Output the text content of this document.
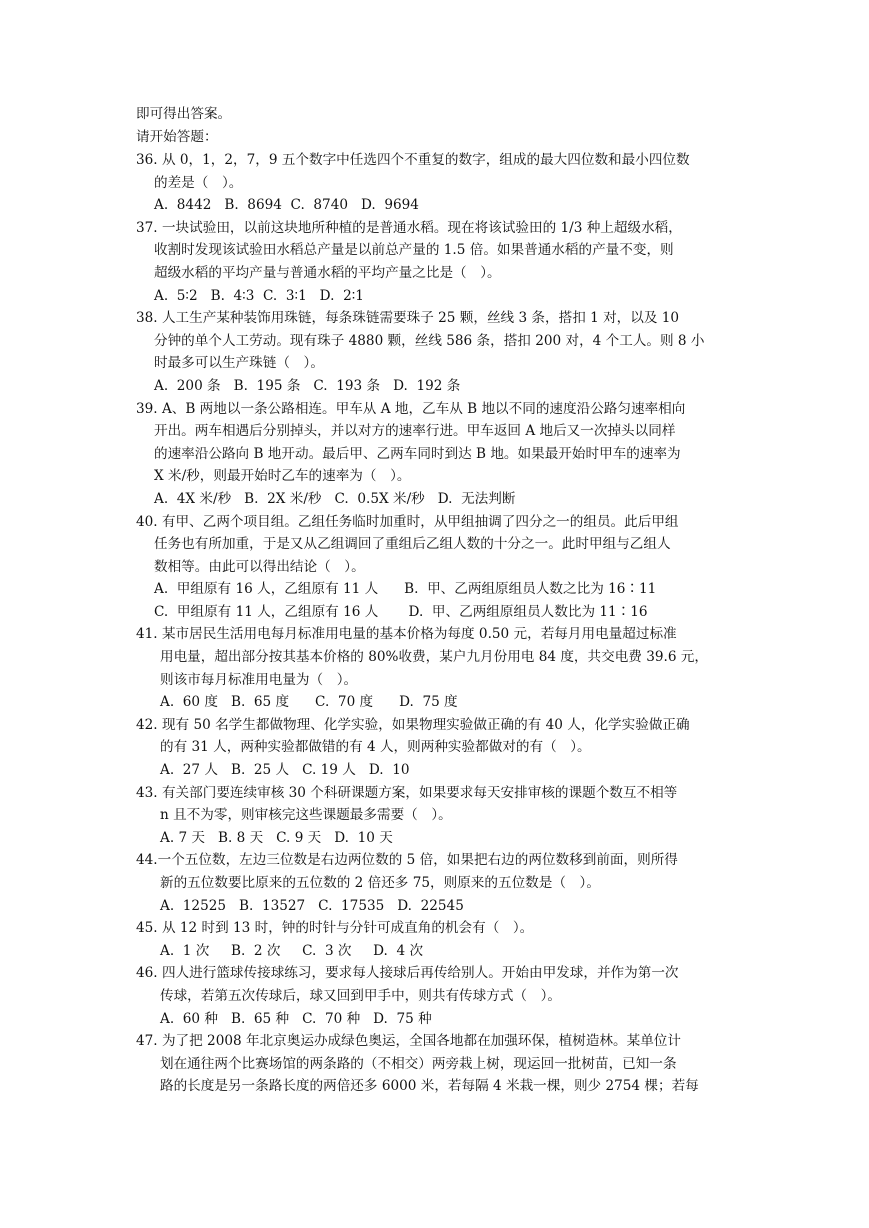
即可得出答案。
请开始答题：
36. 从 0，1，2，7，9 五个数字中任选四个不重复的数字，组成的最大四位数和最小四位数
的差是（　）。
A.  8442   B.  8694  C.  8740   D.  9694
37. 一块试验田，以前这块地所种植的是普通水稻。现在将该试验田的 1/3 种上超级水稻，
收割时发现该试验田水稻总产量是以前总产量的 1.5 倍。如果普通水稻的产量不变，则
超级水稻的平均产量与普通水稻的平均产量之比是（　）。
A.  5∶2   B.  4∶3  C.  3∶1   D.  2∶1
38. 人工生产某种装饰用珠链，每条珠链需要珠子 25 颗，丝线 3 条，搭扣 1 对，以及 10
分钟的单个人工劳动。现有珠子 4880 颗，丝线 586 条，搭扣 200 对，4 个工人。则 8 小
时最多可以生产珠链（　）。
A.  200 条   B.  195 条   C.  193 条   D.  192 条
39. A、B 两地以一条公路相连。甲车从 A 地，乙车从 B 地以不同的速度沿公路匀速率相向
开出。两车相遇后分别掉头，并以对方的速率行进。甲车返回 A 地后又一次掉头以同样
的速率沿公路向 B 地开动。最后甲、乙两车同时到达 B 地。如果最开始时甲车的速率为
X 米/秒，则最开始时乙车的速率为（　）。
A.  4X 米/秒   B.  2X 米/秒   C.  0.5X 米/秒   D.  无法判断
40. 有甲、乙两个项目组。乙组任务临时加重时，从甲组抽调了四分之一的组员。此后甲组
任务也有所加重，于是又从乙组调回了重组后乙组人数的十分之一。此时甲组与乙组人
数相等。由此可以得出结论（　）。
A.  甲组原有 16 人，乙组原有 11 人      B.  甲、乙两组原组员人数之比为 16∶11
C.  甲组原有 11 人，乙组原有 16 人       D.  甲、乙两组原组员人数比为 11∶16
41. 某市居民生活用电每月标准用电量的基本价格为每度 0.50 元，若每月用电量超过标准
用电量，超出部分按其基本价格的 80%收费，某户九月份用电 84 度，共交电费 39.6 元，
则该市每月标准用电量为（　）。
A.  60 度   B.  65 度      C.  70 度      D.  75 度
42. 现有 50 名学生都做物理、化学实验，如果物理实验做正确的有 40 人，化学实验做正确
的有 31 人，两种实验都做错的有 4 人，则两种实验都做对的有（　）。
A.  27 人   B.  25 人   C. 19 人   D.  10
43. 有关部门要连续审核 30 个科研课题方案，如果要求每天安排审核的课题个数互不相等
n 且不为零，则审核完这些课题最多需要（　）。
A. 7 天   B. 8 天   C. 9 天   D.  10 天
44.一个五位数，左边三位数是右边两位数的 5 倍，如果把右边的两位数移到前面，则所得
新的五位数要比原来的五位数的 2 倍还多 75，则原来的五位数是（　）。
A.  12525   B.  13527   C.  17535   D.  22545
45. 从 12 时到 13 时，钟的时针与分针可成直角的机会有（　）。
A.  1 次     B.  2 次     C.  3 次     D.  4 次
46. 四人进行篮球传接球练习，要求每人接球后再传给别人。开始由甲发球，并作为第一次
传球，若第五次传球后，球又回到甲手中，则共有传球方式（　）。
A.  60 种   B.  65 种   C.  70 种   D.  75 种
47. 为了把 2008 年北京奥运办成绿色奥运，全国各地都在加强环保，植树造林。某单位计
划在通往两个比赛场馆的两条路的（不相交）两旁栽上树，现运回一批树苗，已知一条
路的长度是另一条路长度的两倍还多 6000 米，若每隔 4 米栽一棵，则少 2754 棵；若每
